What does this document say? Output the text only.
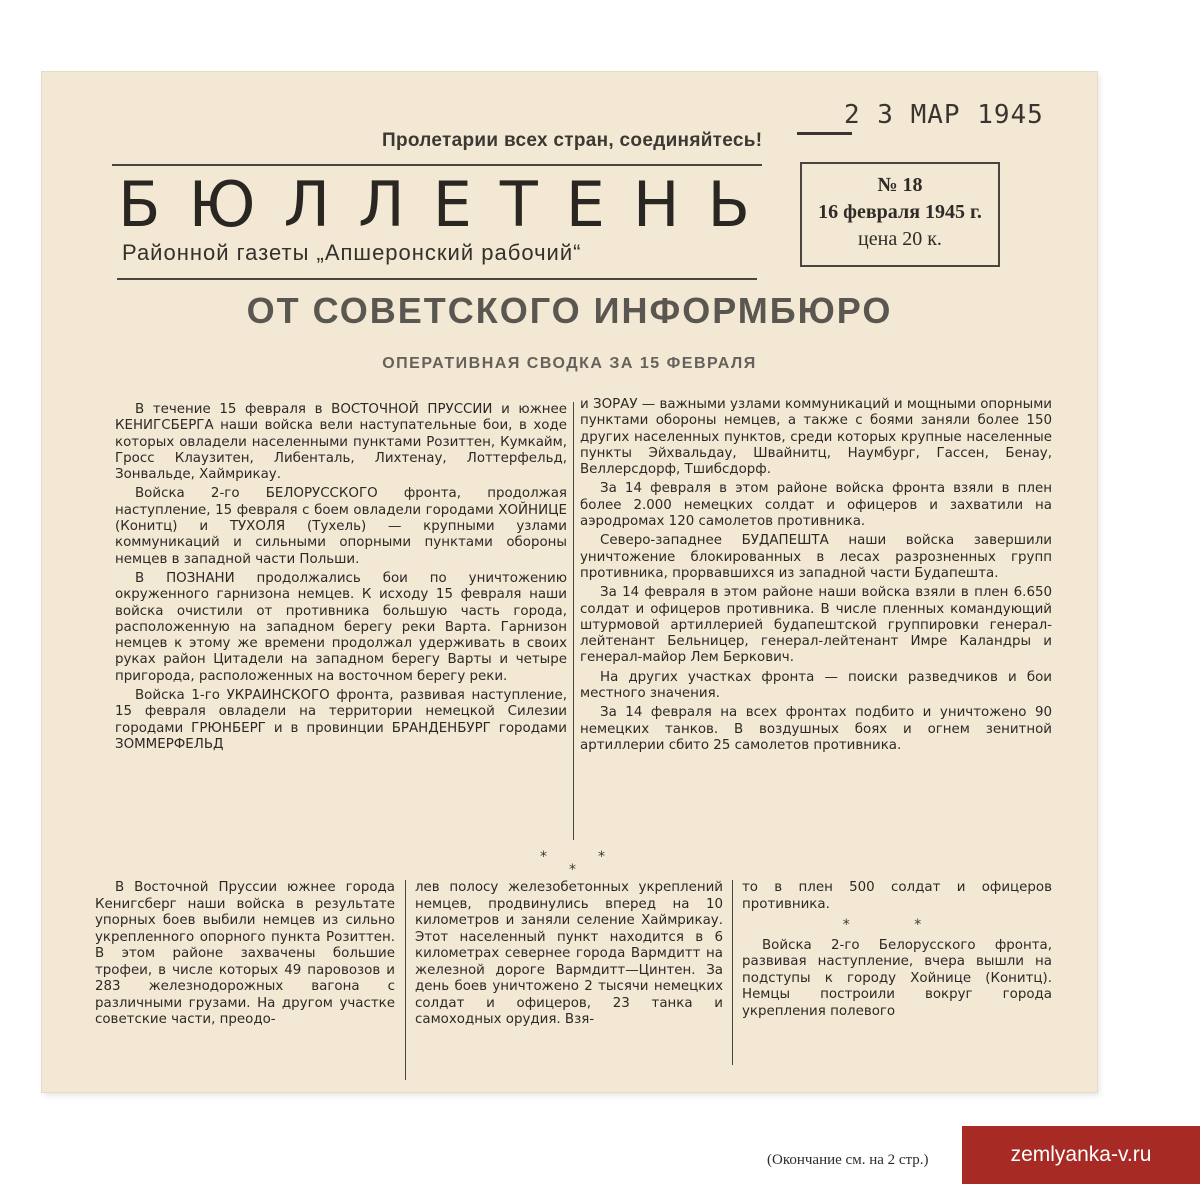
2 3 МАР 1945
Пролетарии всех стран, соединяйтесь!
БЮЛЛЕТЕНЬ
Районной газеты „Апшеронский рабочий“
№ 18
16 февраля 1945 г.
цена 20 к.
ОТ СОВЕТСКОГО ИНФОРМБЮРО
ОПЕРАТИВНАЯ СВОДКА ЗА 15 ФЕВРАЛЯ

В течение 15 февраля в ВОСТОЧНОЙ ПРУССИИ и южнее КЕНИГСБЕРГА наши войска вели наступательные бои, в ходе которых овладели населенными пунктами Розиттен, Кумкайм, Гросс Клаузитен, Либенталь, Лихтенау, Лоттерфельд, Зонвальде, Хаймрикау.

Войска 2-го БЕЛОРУССКОГО фронта, продолжая наступление, 15 февраля с боем овладели городами ХОЙНИЦЕ (Конитц) и ТУХОЛЯ (Тухель) — крупными узлами коммуникаций и сильными опорными пунктами обороны немцев в западной части Польши.

В ПОЗНАНИ продолжались бои по уничтожению окруженного гарнизона немцев. К исходу 15 февраля наши войска очистили от противника большую часть города, расположенную на западном берегу реки Варта. Гарнизон немцев к этому же времени продолжал удерживать в своих руках район Цитадели на западном берегу Варты и четыре пригорода, расположенных на восточном берегу реки.

Войска 1-го УКРАИНСКОГО фронта, развивая наступление, 15 февраля овладели на территории немецкой Силезии городами ГРЮНБЕРГ и в провинции БРАНДЕНБУРГ городами ЗОММЕРФЕЛЬД

и ЗОРАУ — важными узлами коммуникаций и мощными опорными пунктами обороны немцев, а также с боями заняли более 150 других населенных пунктов, среди которых крупные населенные пункты Эйхвальдау, Швайнитц, Наумбург, Гассен, Бенау, Веллерсдорф, Тшибсдорф.

За 14 февраля в этом районе войска фронта взяли в плен более 2.000 немецких солдат и офицеров и захватили на аэродромах 120 самолетов противника.

Северо-западнее БУДАПЕШТА наши войска завершили уничтожение блокированных в лесах разрозненных групп противника, прорвавшихся из западной части Будапешта.

За 14 февраля в этом районе наши войска взяли в плен 6.650 солдат и офицеров противника. В числе пленных командующий штурмовой артиллерией будапештской группировки генерал-лейтенант Бельницер, генерал-лейтенант Имре Каландры и генерал-майор Лем Беркович.

На других участках фронта — поиски разведчиков и бои местного значения.

За 14 февраля на всех фронтах подбито и уничтожено 90 немецких танков. В воздушных боях и огнем зенитной артиллерии сбито 25 самолетов противника.

*	*
*

В Восточной Пруссии южнее города Кенигсберг наши войска в результате упорных боев выбили немцев из сильно укрепленного опорного пункта Розиттен. В этом районе захвачены большие трофеи, в числе которых 49 паровозов и 283 железнодорожных вагона с различными грузами. На другом участке советские части, преодо-

лев полосу железобетонных укреплений немцев, продвинулись вперед на 10 километров и заняли селение Хаймрикау. Этот населенный пункт находится в 6 километрах севернее города Вармдитт на железной дороге Вармдитт—Цинтен. За день боев уничтожено 2 тысячи немецких солдат и офицеров, 23 танка и самоходных орудия. Взя-

то в плен 500 солдат и офицеров противника.

* *

Войска 2-го Белорусского фронта, развивая наступление, вчера вышли на подступы к городу Хойнице (Конитц). Немцы построили вокруг города укрепления полевого

(Окончание см. на 2 стр.)	zemlyanka-v.ru
